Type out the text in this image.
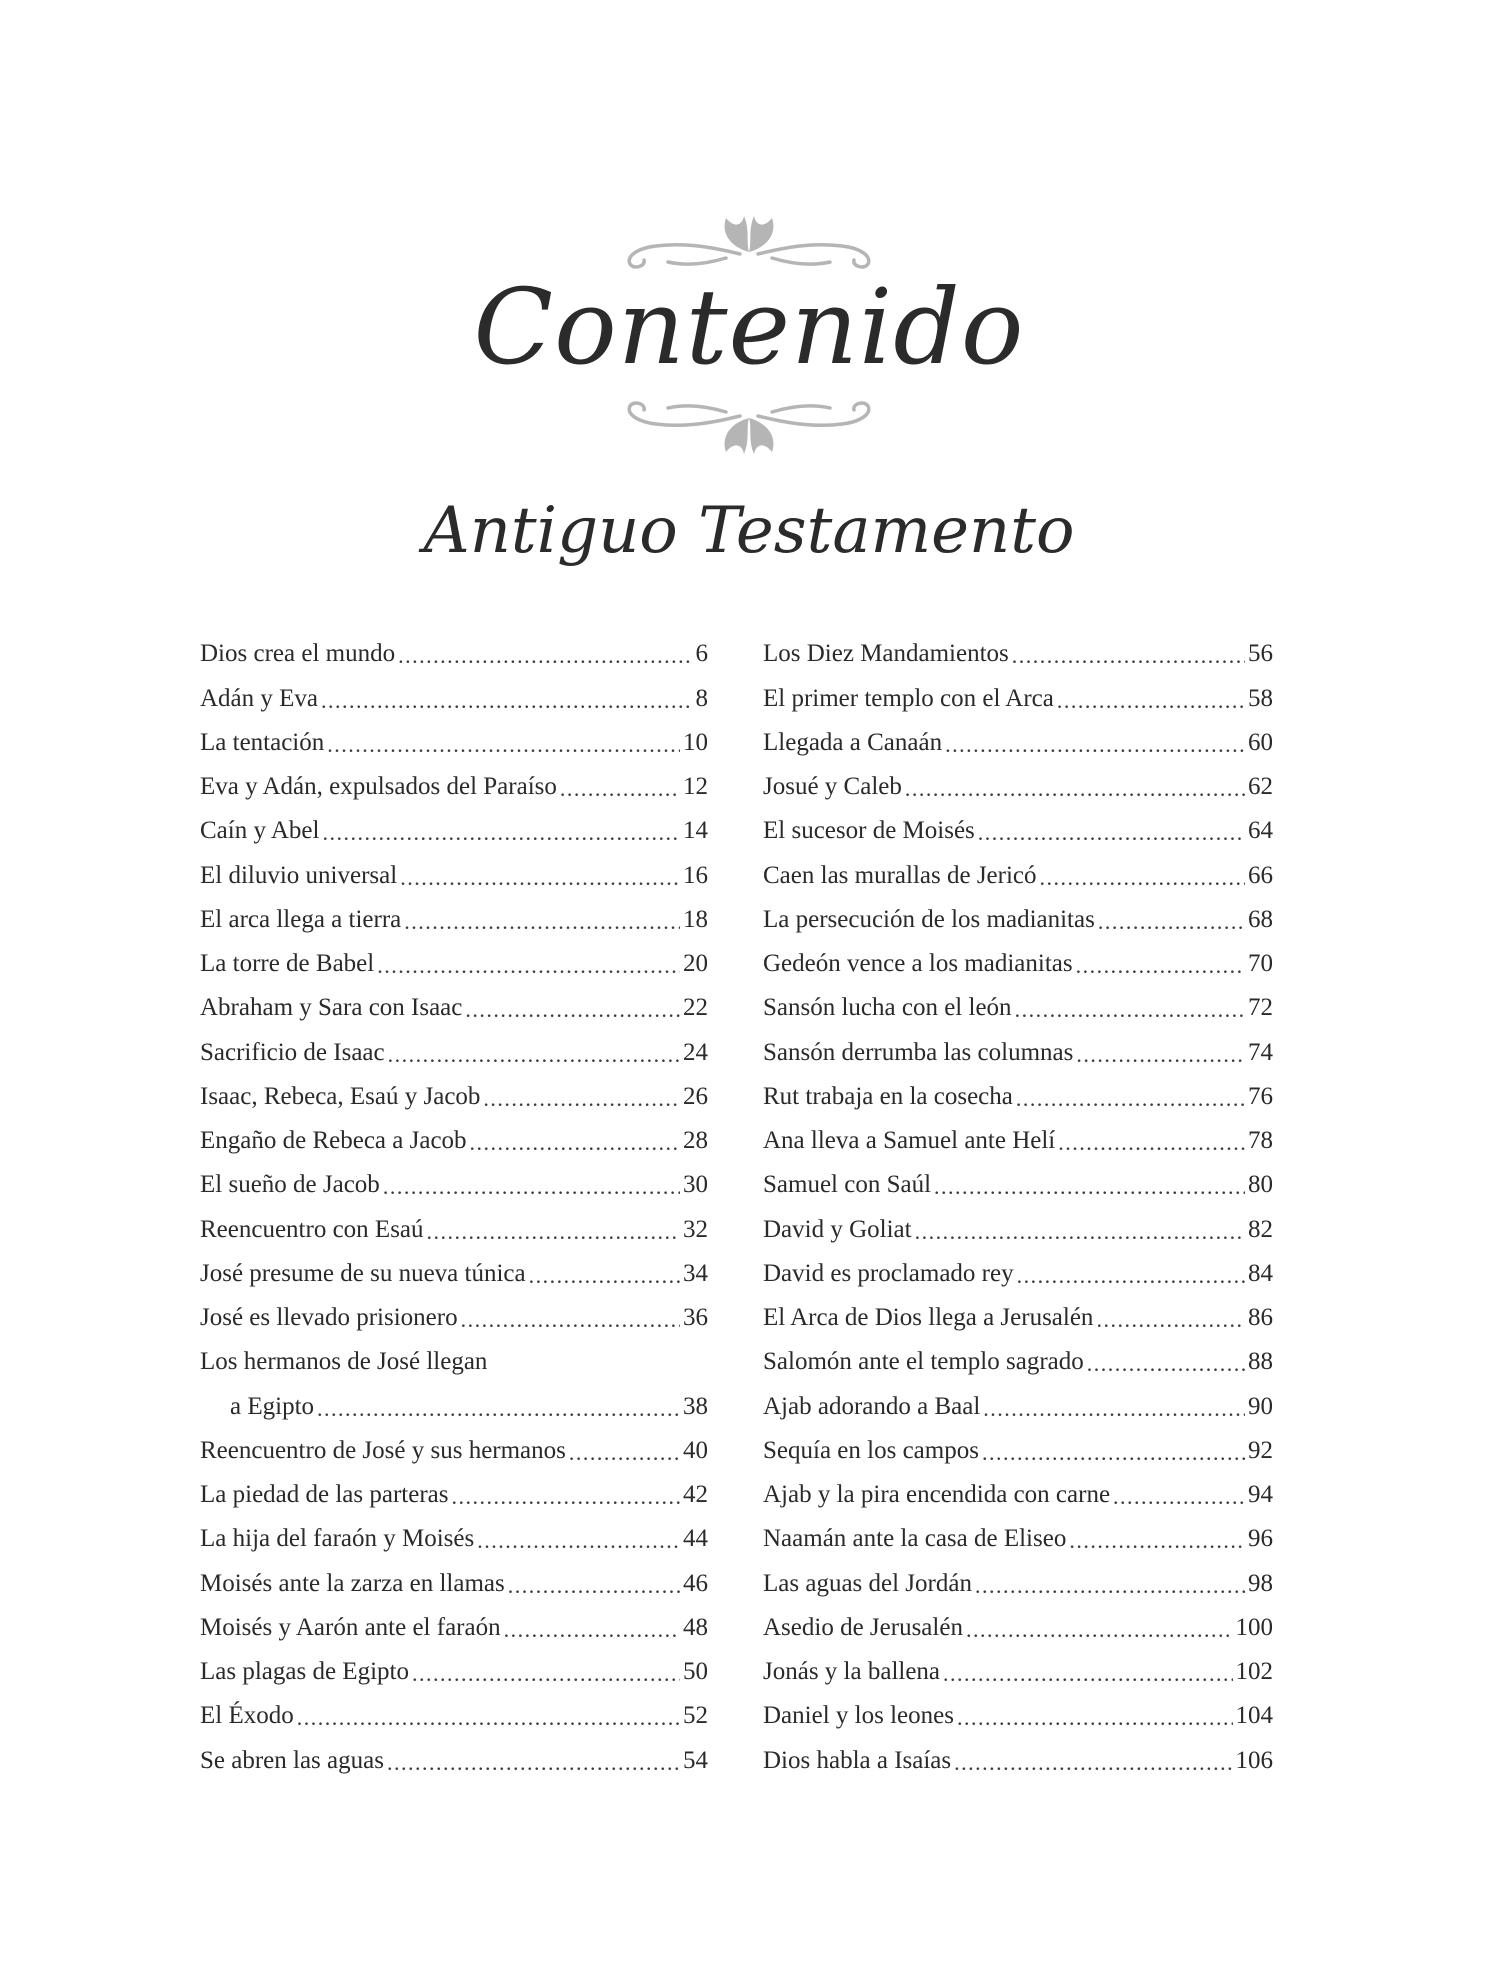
Contenido
Antiguo Testamento
Dios crea el mundo . . .	6
Adán y Eva . . .	8
La tentación . . .	10
Eva y Adán, expulsados del Paraíso . . .	12
Caín y Abel . . .	14
El diluvio universal . . .	16
El arca llega a tierra . . .	18
La torre de Babel . . .	20
Abraham y Sara con Isaac . . .	22
Sacrificio de Isaac . . .	24
Isaac, Rebeca, Esaú y Jacob . . .	26
Engaño de Rebeca a Jacob . . .	28
El sueño de Jacob . . .	30
Reencuentro con Esaú . . .	32
José presume de su nueva túnica . . .	34
José es llevado prisionero . . .	36
Los hermanos de José llegan
a Egipto . . .	38
Reencuentro de José y sus hermanos . . .	40
La piedad de las parteras . . .	42
La hija del faraón y Moisés . . .	44
Moisés ante la zarza en llamas . . .	46
Moisés y Aarón ante el faraón . . .	48
Las plagas de Egipto . . .	50
El Éxodo . . .	52
Se abren las aguas . . .	54
Los Diez Mandamientos . . .	56
El primer templo con el Arca . . .	58
Llegada a Canaán . . .	60
Josué y Caleb . . .	62
El sucesor de Moisés . . .	64
Caen las murallas de Jericó . . .	66
La persecución de los madianitas . . .	68
Gedeón vence a los madianitas . . .	70
Sansón lucha con el león . . .	72
Sansón derrumba las columnas . . .	74
Rut trabaja en la cosecha . . .	76
Ana lleva a Samuel ante Helí . . .	78
Samuel con Saúl . . .	80
David y Goliat . . .	82
David es proclamado rey . . .	84
El Arca de Dios llega a Jerusalén . . .	86
Salomón ante el templo sagrado . . .	88
Ajab adorando a Baal . . .	90
Sequía en los campos . . .	92
Ajab y la pira encendida con carne . . .	94
Naamán ante la casa de Eliseo . . .	96
Las aguas del Jordán . . .	98
Asedio de Jerusalén . . .	100
Jonás y la ballena . . .	102
Daniel y los leones . . .	104
Dios habla a Isaías . . .	106
